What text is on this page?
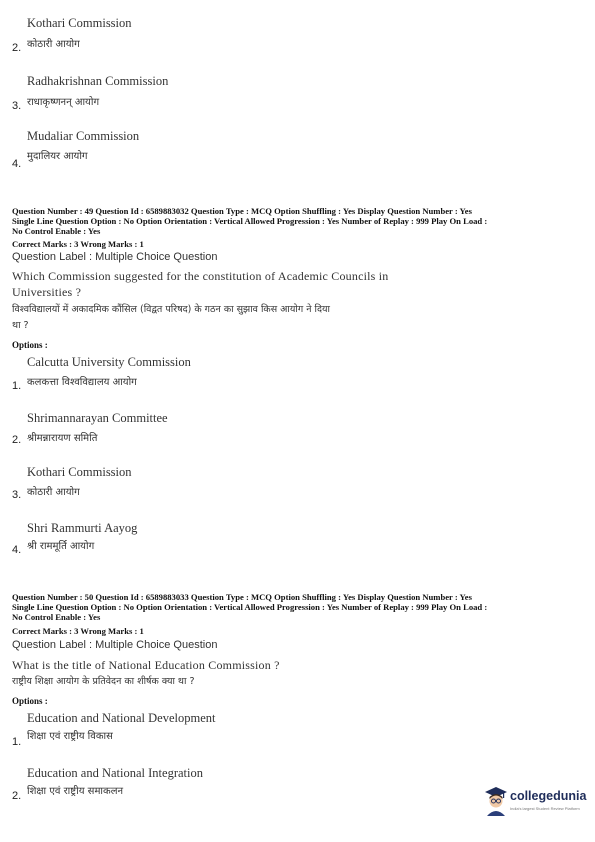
Kothari Commission
कोठारी आयोग
2.
Radhakrishnan Commission
राधाकृष्णनन् आयोग
3.
Mudaliar Commission
मुदालियर आयोग
4.
Question Number : 49 Question Id : 6589883032 Question Type : MCQ Option Shuffling : Yes Display Question Number : Yes
Single Line Question Option : No Option Orientation : Vertical Allowed Progression : Yes Number of Replay : 999 Play On Load :
No Control Enable : Yes
Correct Marks : 3 Wrong Marks : 1
Question Label : Multiple Choice Question
Which Commission suggested for the constitution of Academic Councils in
Universities ?
विश्वविद्यालयों में अकादमिक कौंसिल (विद्वत परिषद) के गठन का सुझाव किस आयोग ने दिया
था ?
Options :
Calcutta University Commission
कलकत्ता विश्वविद्यालय आयोग
1.
Shrimannarayan Committee
श्रीमन्नारायण समिति
2.
Kothari Commission
कोठारी आयोग
3.
Shri Rammurti Aayog
श्री राममूर्ति आयोग
4.
Question Number : 50 Question Id : 6589883033 Question Type : MCQ Option Shuffling : Yes Display Question Number : Yes
Single Line Question Option : No Option Orientation : Vertical Allowed Progression : Yes Number of Replay : 999 Play On Load :
No Control Enable : Yes
Correct Marks : 3 Wrong Marks : 1
Question Label : Multiple Choice Question
What is the title of National Education Commission ?
राष्ट्रीय शिक्षा आयोग के प्रतिवेदन का शीर्षक क्या था ?
Options :
Education and National Development
शिक्षा एवं राष्ट्रीय विकास
1.
Education and National Integration
शिक्षा एवं राष्ट्रीय समाकलन
2.	collegedunia
India's largest Student Review Platform
